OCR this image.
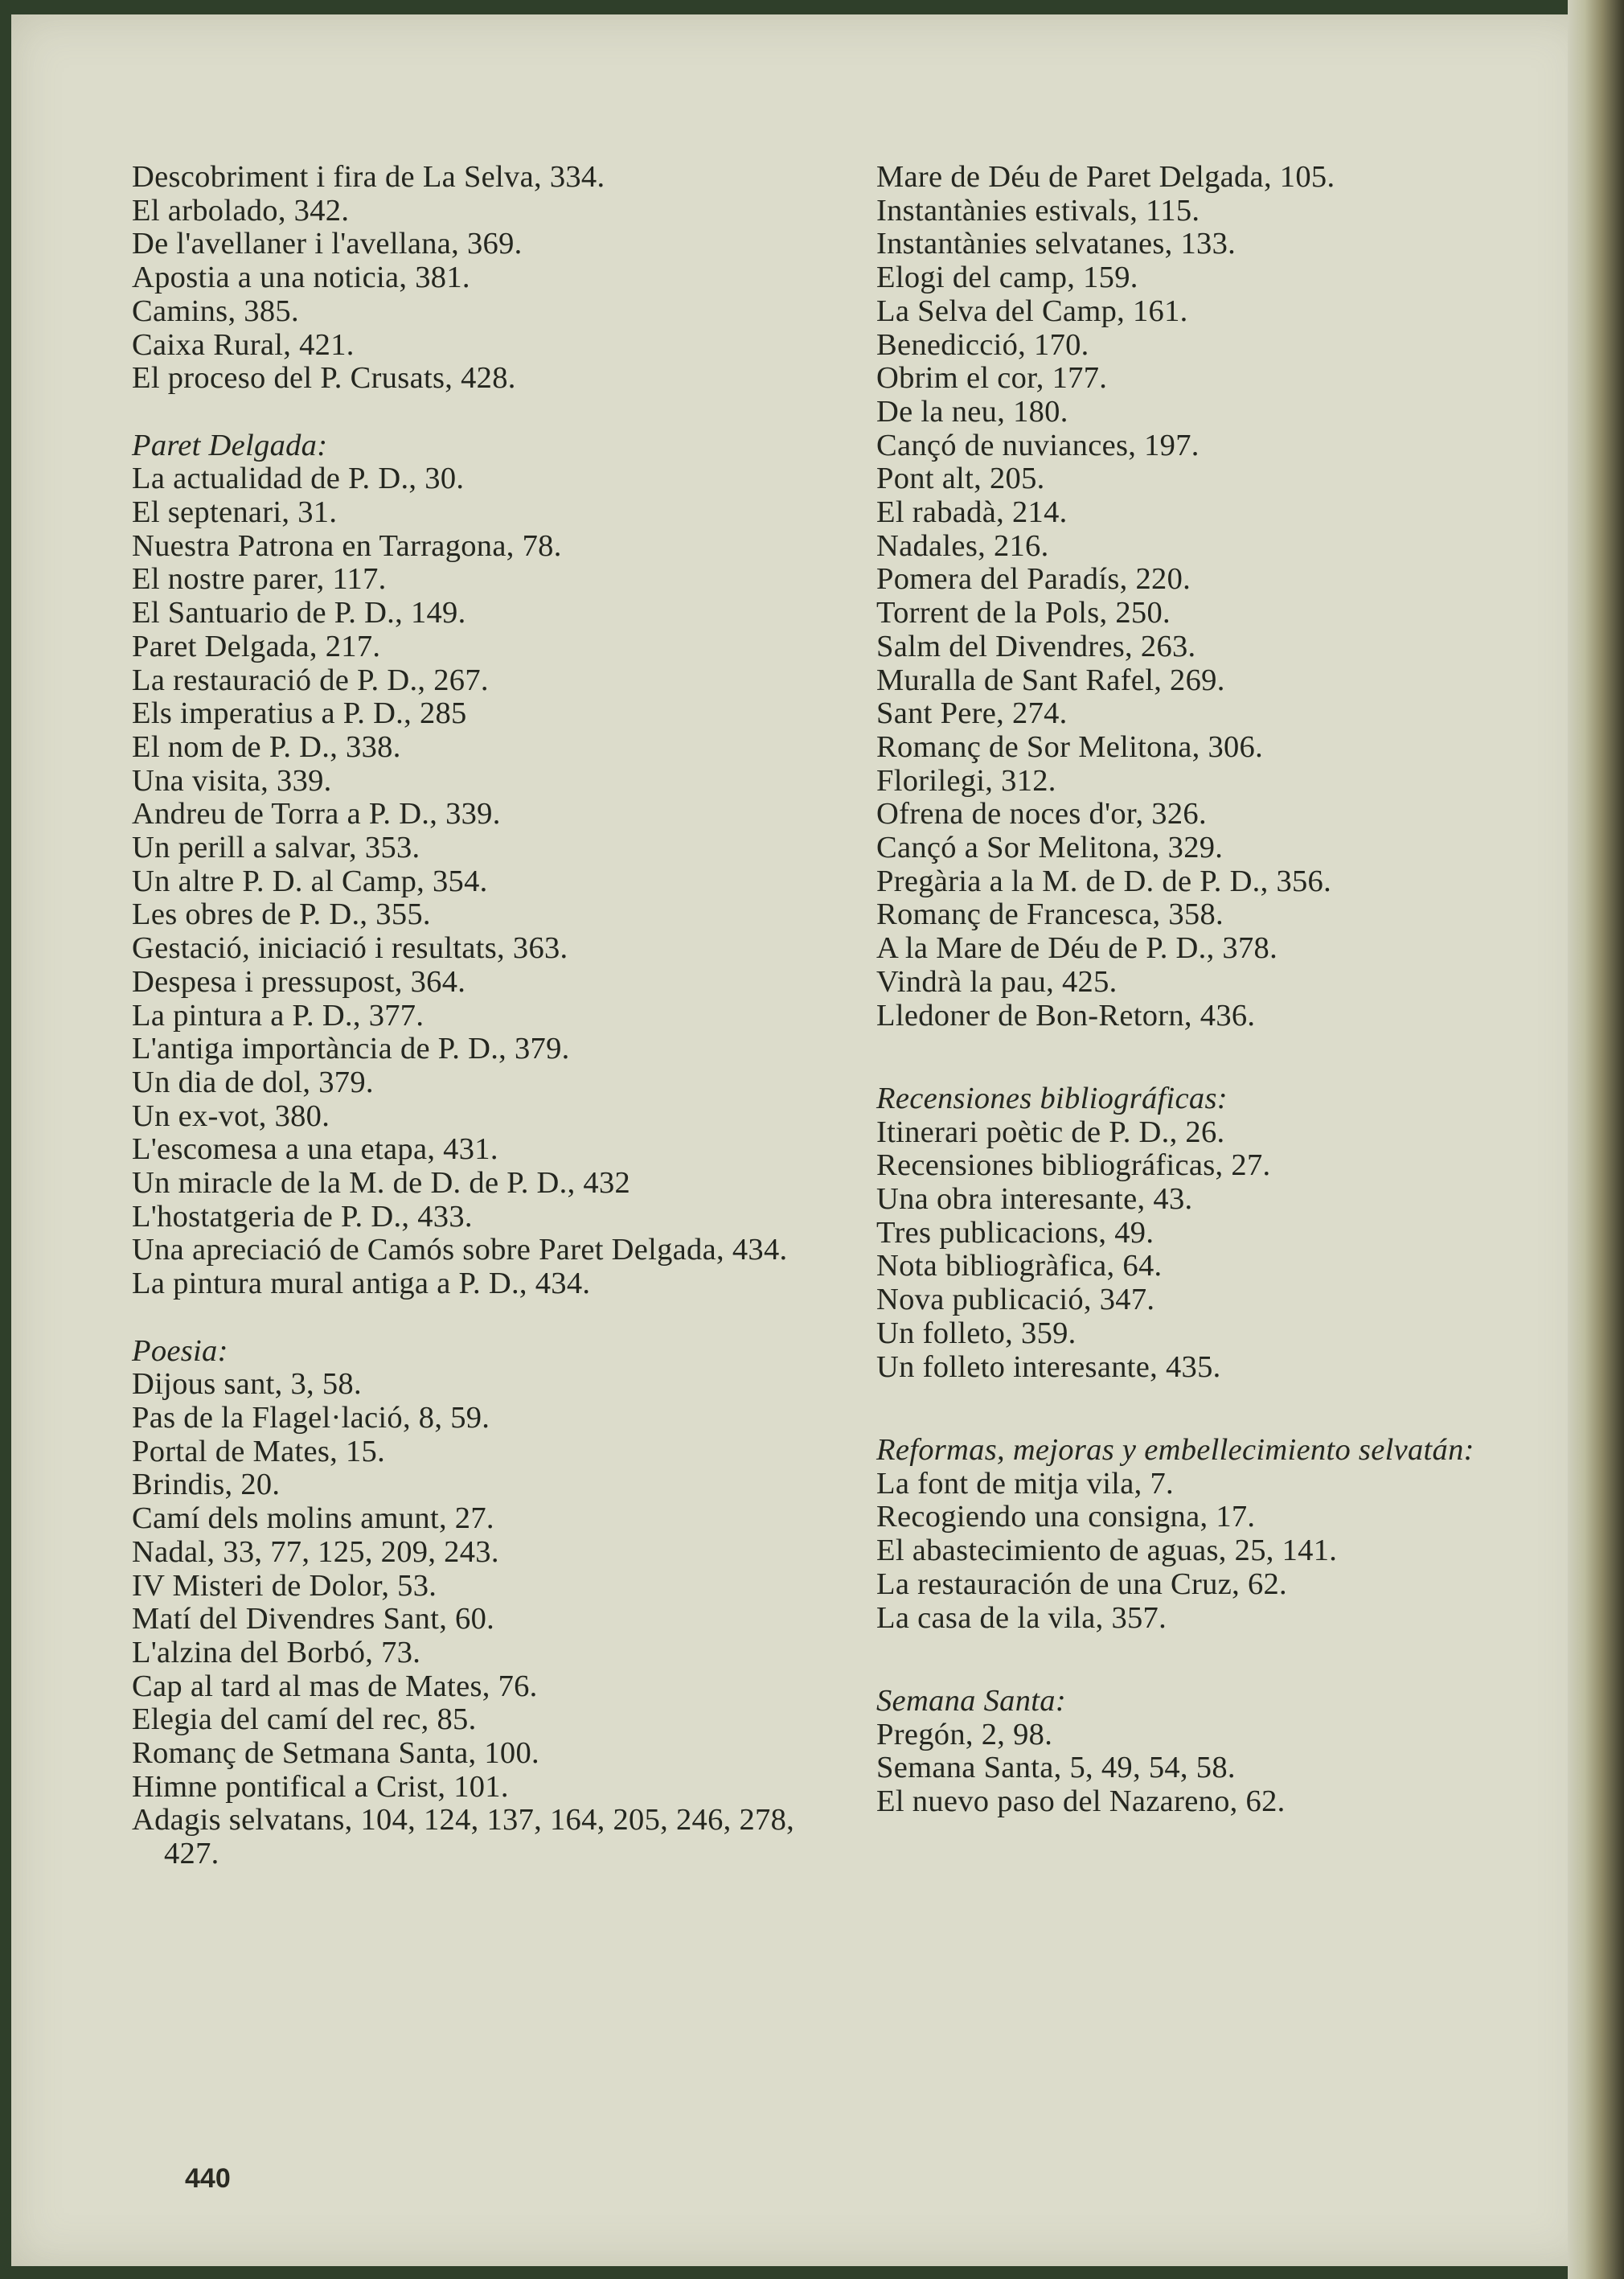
Descobriment i fira de La Selva, 334.
El arbolado, 342.
De l'avellaner i l'avellana, 369.
Apostia a una noticia, 381.
Camins, 385.
Caixa Rural, 421.
El proceso del P. Crusats, 428.
Paret Delgada:
La actualidad de P. D., 30.
El septenari, 31.
Nuestra Patrona en Tarragona, 78.
El nostre parer, 117.
El Santuario de P. D., 149.
Paret Delgada, 217.
La restauració de P. D., 267.
Els imperatius a P. D., 285
El nom de P. D., 338.
Una visita, 339.
Andreu de Torra a P. D., 339.
Un perill a salvar, 353.
Un altre P. D. al Camp, 354.
Les obres de P. D., 355.
Gestació, iniciació i resultats, 363.
Despesa i pressupost, 364.
La pintura a P. D., 377.
L'antiga importància de P. D., 379.
Un dia de dol, 379.
Un ex-vot, 380.
L'escomesa a una etapa, 431.
Un miracle de la M. de D. de P. D., 432
L'hostatgeria de P. D., 433.
Una apreciació de Camós sobre Paret Delgada, 434.
La pintura mural antiga a P. D., 434.
Poesia:
Dijous sant, 3, 58.
Pas de la Flagel·lació, 8, 59.
Portal de Mates, 15.
Brindis, 20.
Camí dels molins amunt, 27.
Nadal, 33, 77, 125, 209, 243.
IV Misteri de Dolor, 53.
Matí del Divendres Sant, 60.
L'alzina del Borbó, 73.
Cap al tard al mas de Mates, 76.
Elegia del camí del rec, 85.
Romanç de Setmana Santa, 100.
Himne pontifical a Crist, 101.
Adagis selvatans, 104, 124, 137, 164, 205, 246, 278, 427.
Mare de Déu de Paret Delgada, 105.
Instantànies estivals, 115.
Instantànies selvatanes, 133.
Elogi del camp, 159.
La Selva del Camp, 161.
Benedicció, 170.
Obrim el cor, 177.
De la neu, 180.
Cançó de nuviances, 197.
Pont alt, 205.
El rabadà, 214.
Nadales, 216.
Pomera del Paradís, 220.
Torrent de la Pols, 250.
Salm del Divendres, 263.
Muralla de Sant Rafel, 269.
Sant Pere, 274.
Romanç de Sor Melitona, 306.
Florilegi, 312.
Ofrena de noces d'or, 326.
Cançó a Sor Melitona, 329.
Pregària a la M. de D. de P. D., 356.
Romanç de Francesca, 358.
A la Mare de Déu de P. D., 378.
Vindrà la pau, 425.
Lledoner de Bon-Retorn, 436.
Recensiones bibliográficas:
Itinerari poètic de P. D., 26.
Recensiones bibliográficas, 27.
Una obra interesante, 43.
Tres publicacions, 49.
Nota bibliogràfica, 64.
Nova publicació, 347.
Un folleto, 359.
Un folleto interesante, 435.
Reformas, mejoras y embellecimiento selvatán:
La font de mitja vila, 7.
Recogiendo una consigna, 17.
El abastecimiento de aguas, 25, 141.
La restauración de una Cruz, 62.
La casa de la vila, 357.
Semana Santa:
Pregón, 2, 98.
Semana Santa, 5, 49, 54, 58.
El nuevo paso del Nazareno, 62.
440
